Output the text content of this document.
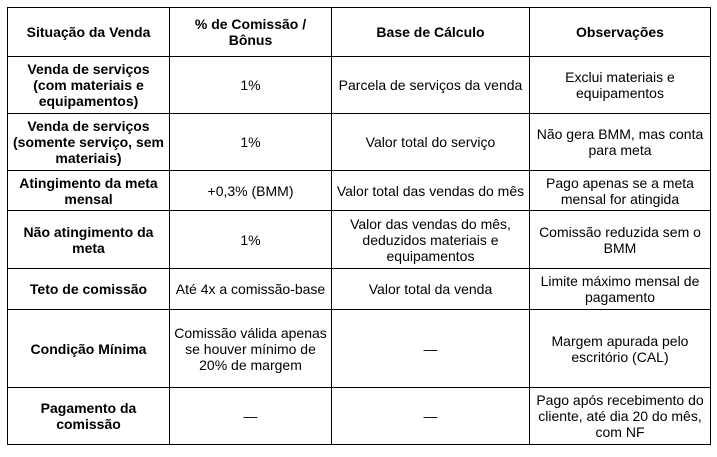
Situação da Venda	% de Comissão / Bônus	Base de Cálculo	Observações
Venda de serviços (com materiais e equipamentos)	1%	Parcela de serviços da venda	Exclui materiais e equipamentos
Venda de serviços (somente serviço, sem materiais)	1%	Valor total do serviço	Não gera BMM, mas conta para meta
Atingimento da meta mensal	+0,3% (BMM)	Valor total das vendas do mês	Pago apenas se a meta mensal for atingida
Não atingimento da meta	1%	Valor das vendas do mês, deduzidos materiais e equipamentos	Comissão reduzida sem o BMM
Teto de comissão	Até 4x a comissão-base	Valor total da venda	Limite máximo mensal de pagamento
Condição Mínima	Comissão válida apenas se houver mínimo de 20% de margem	—	Margem apurada pelo escritório (CAL)
Pagamento da comissão	—	—	Pago após recebimento do cliente, até dia 20 do mês, com NF
